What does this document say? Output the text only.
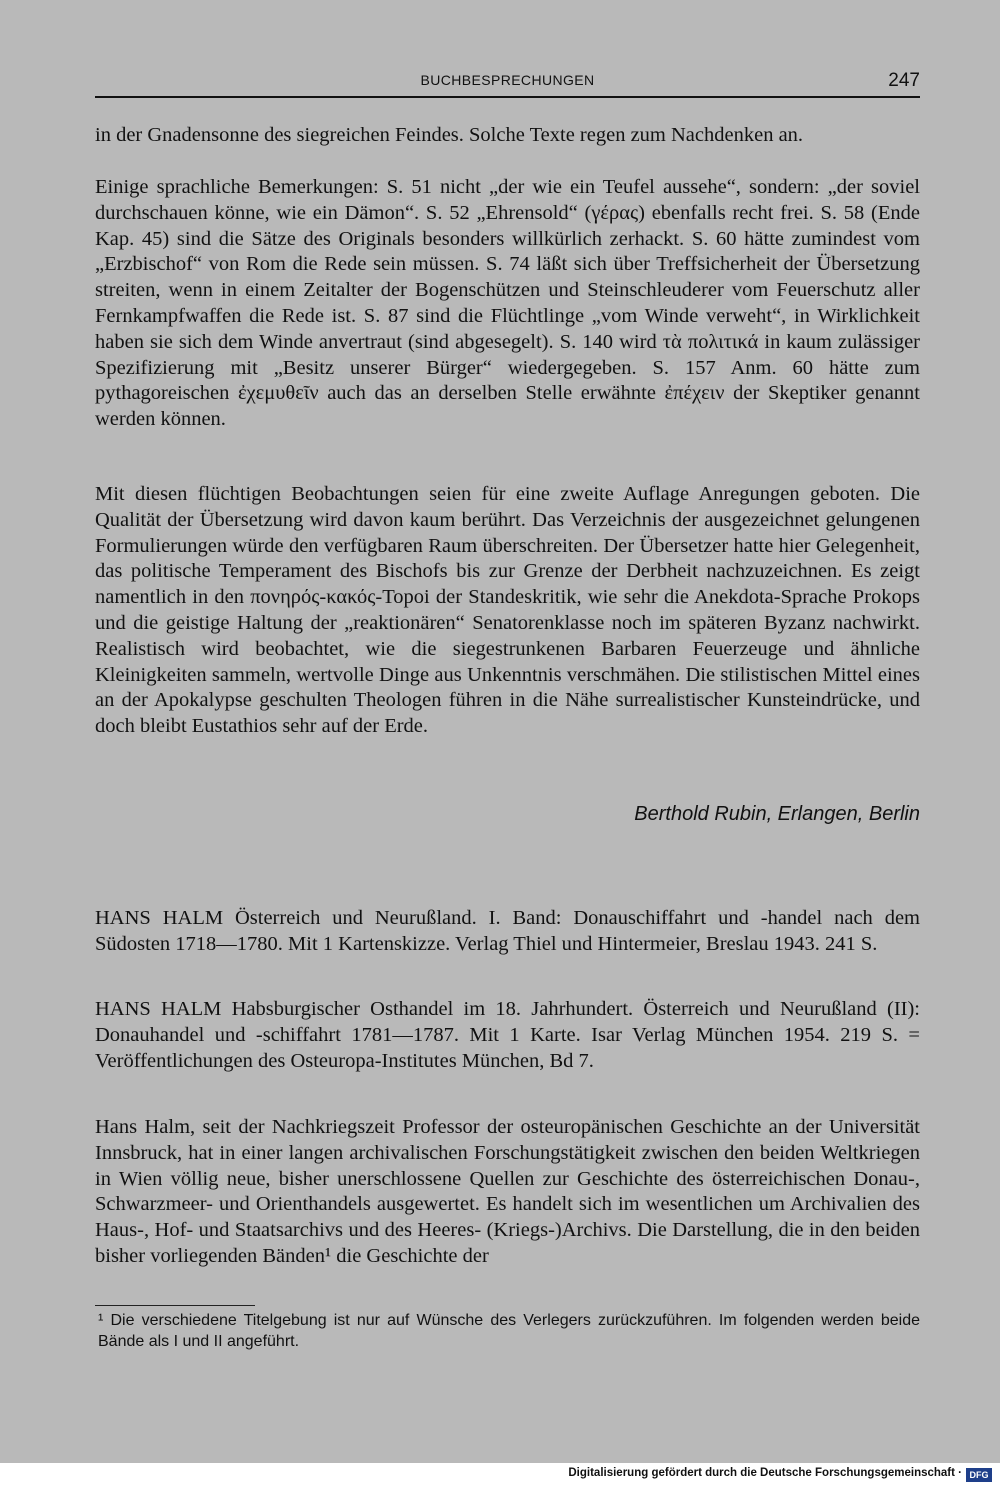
BUCHBESPRECHUNGEN	247

in der Gnadensonne des siegreichen Feindes. Solche Texte regen zum Nachdenken an.

Einige sprachliche Bemerkungen: S. 51 nicht „der wie ein Teufel aussehe“, sondern: „der soviel durchschauen könne, wie ein Dämon“. S. 52 „Ehrensold“ (γέρας) ebenfalls recht frei. S. 58 (Ende Kap. 45) sind die Sätze des Originals besonders willkürlich zerhackt. S. 60 hätte zumindest vom „Erzbischof“ von Rom die Rede sein müssen. S. 74 läßt sich über Treffsicherheit der Übersetzung streiten, wenn in einem Zeitalter der Bogenschützen und Steinschleuderer vom Feuerschutz aller Fernkampfwaffen die Rede ist. S. 87 sind die Flüchtlinge „vom Winde verweht“, in Wirklichkeit haben sie sich dem Winde anvertraut (sind abgesegelt). S. 140 wird τὰ πολιτικά in kaum zulässiger Spezifizierung mit „Besitz unserer Bürger“ wiedergegeben. S. 157 Anm. 60 hätte zum pythagoreischen ἐχεμυθεῖν auch das an derselben Stelle erwähnte ἐπέχειν der Skeptiker genannt werden können.

Mit diesen flüchtigen Beobachtungen seien für eine zweite Auflage Anregungen geboten. Die Qualität der Übersetzung wird davon kaum berührt. Das Verzeichnis der ausgezeichnet gelungenen Formulierungen würde den verfügbaren Raum überschreiten. Der Übersetzer hatte hier Gelegenheit, das politische Temperament des Bischofs bis zur Grenze der Derbheit nachzuzeichnen. Es zeigt namentlich in den πονηρός-κακός-Topoi der Standeskritik, wie sehr die Anekdota-Sprache Prokops und die geistige Haltung der „reaktionären“ Senatorenklasse noch im späteren Byzanz nachwirkt. Realistisch wird beobachtet, wie die siegestrunkenen Barbaren Feuerzeuge und ähnliche Kleinigkeiten sammeln, wertvolle Dinge aus Unkenntnis verschmähen. Die stilistischen Mittel eines an der Apokalypse geschulten Theologen führen in die Nähe surrealistischer Kunsteindrücke, und doch bleibt Eustathios sehr auf der Erde.

Berthold Rubin, Erlangen, Berlin

HANS HALM Österreich und Neurußland. I. Band: Donauschiffahrt und -handel nach dem Südosten 1718—1780. Mit 1 Kartenskizze. Verlag Thiel und Hintermeier, Breslau 1943. 241 S.

HANS HALM Habsburgischer Osthandel im 18. Jahrhundert. Österreich und Neurußland (II): Donauhandel und -schiffahrt 1781—1787. Mit 1 Karte. Isar Verlag München 1954. 219 S. = Veröffentlichungen des Osteuropa-Institutes München, Bd 7.

Hans Halm, seit der Nachkriegszeit Professor der osteuropänischen Geschichte an der Universität Innsbruck, hat in einer langen archivalischen Forschungstätigkeit zwischen den beiden Weltkriegen in Wien völlig neue, bisher unerschlossene Quellen zur Geschichte des österreichischen Donau-, Schwarzmeer- und Orienthandels ausgewertet. Es handelt sich im wesentlichen um Archivalien des Haus-, Hof- und Staatsarchivs und des Heeres- (Kriegs-)Archivs. Die Darstellung, die in den beiden bisher vorliegenden Bänden¹ die Geschichte der

¹ Die verschiedene Titelgebung ist nur auf Wünsche des Verlegers zurückzuführen. Im folgenden werden beide Bände als I und II angeführt.

Digitalisierung gefördert durch die Deutsche Forschungsgemeinschaft · DFG
